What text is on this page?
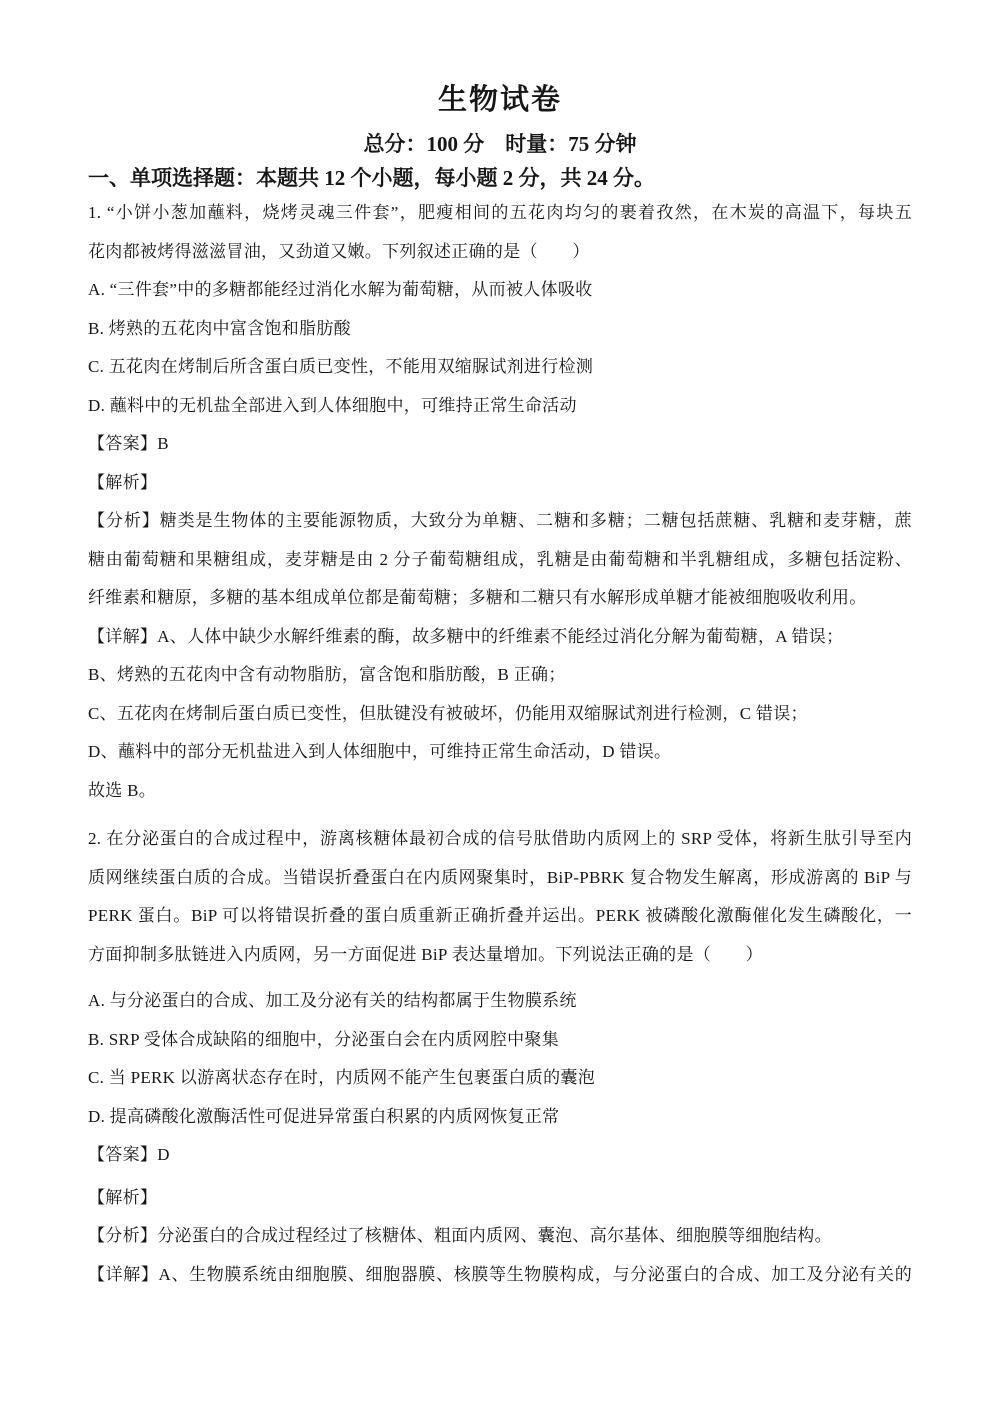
生物试卷
总分：100 分　时量：75 分钟
一、单项选择题：本题共 12 个小题，每小题 2 分，共 24 分。
1. “小饼小葱加蘸料，烧烤灵魂三件套”，肥瘦相间的五花肉均匀的裹着孜然，在木炭的高温下，每块五
花肉都被烤得滋滋冒油，又劲道又嫩。下列叙述正确的是（　　）
A. “三件套”中的多糖都能经过消化水解为葡萄糖，从而被人体吸收
B. 烤熟的五花肉中富含饱和脂肪酸
C. 五花肉在烤制后所含蛋白质已变性，不能用双缩脲试剂进行检测
D. 蘸料中的无机盐全部进入到人体细胞中，可维持正常生命活动
【答案】B
【解析】
【分析】糖类是生物体的主要能源物质，大致分为单糖、二糖和多糖；二糖包括蔗糖、乳糖和麦芽糖，蔗
糖由葡萄糖和果糖组成，麦芽糖是由 2 分子葡萄糖组成，乳糖是由葡萄糖和半乳糖组成，多糖包括淀粉、
纤维素和糖原，多糖的基本组成单位都是葡萄糖；多糖和二糖只有水解形成单糖才能被细胞吸收利用。
【详解】A、人体中缺少水解纤维素的酶，故多糖中的纤维素不能经过消化分解为葡萄糖，A 错误；
B、烤熟的五花肉中含有动物脂肪，富含饱和脂肪酸，B 正确；
C、五花肉在烤制后蛋白质已变性，但肽键没有被破坏，仍能用双缩脲试剂进行检测，C 错误；
D、蘸料中的部分无机盐进入到人体细胞中，可维持正常生命活动，D 错误。
故选 B。
2. 在分泌蛋白的合成过程中，游离核糖体最初合成的信号肽借助内质网上的 SRP 受体，将新生肽引导至内
质网继续蛋白质的合成。当错误折叠蛋白在内质网聚集时，BiP-PBRK 复合物发生解离，形成游离的 BiP 与
PERK 蛋白。BiP 可以将错误折叠的蛋白质重新正确折叠并运出。PERK 被磷酸化激酶催化发生磷酸化，一
方面抑制多肽链进入内质网，另一方面促进 BiP 表达量增加。下列说法正确的是（　　）
A. 与分泌蛋白的合成、加工及分泌有关的结构都属于生物膜系统
B. SRP 受体合成缺陷的细胞中，分泌蛋白会在内质网腔中聚集
C. 当 PERK 以游离状态存在时，内质网不能产生包裹蛋白质的囊泡
D. 提高磷酸化激酶活性可促进异常蛋白积累的内质网恢复正常
【答案】D
【解析】
【分析】分泌蛋白的合成过程经过了核糖体、粗面内质网、囊泡、高尔基体、细胞膜等细胞结构。
【详解】A、生物膜系统由细胞膜、细胞器膜、核膜等生物膜构成，与分泌蛋白的合成、加工及分泌有关的
